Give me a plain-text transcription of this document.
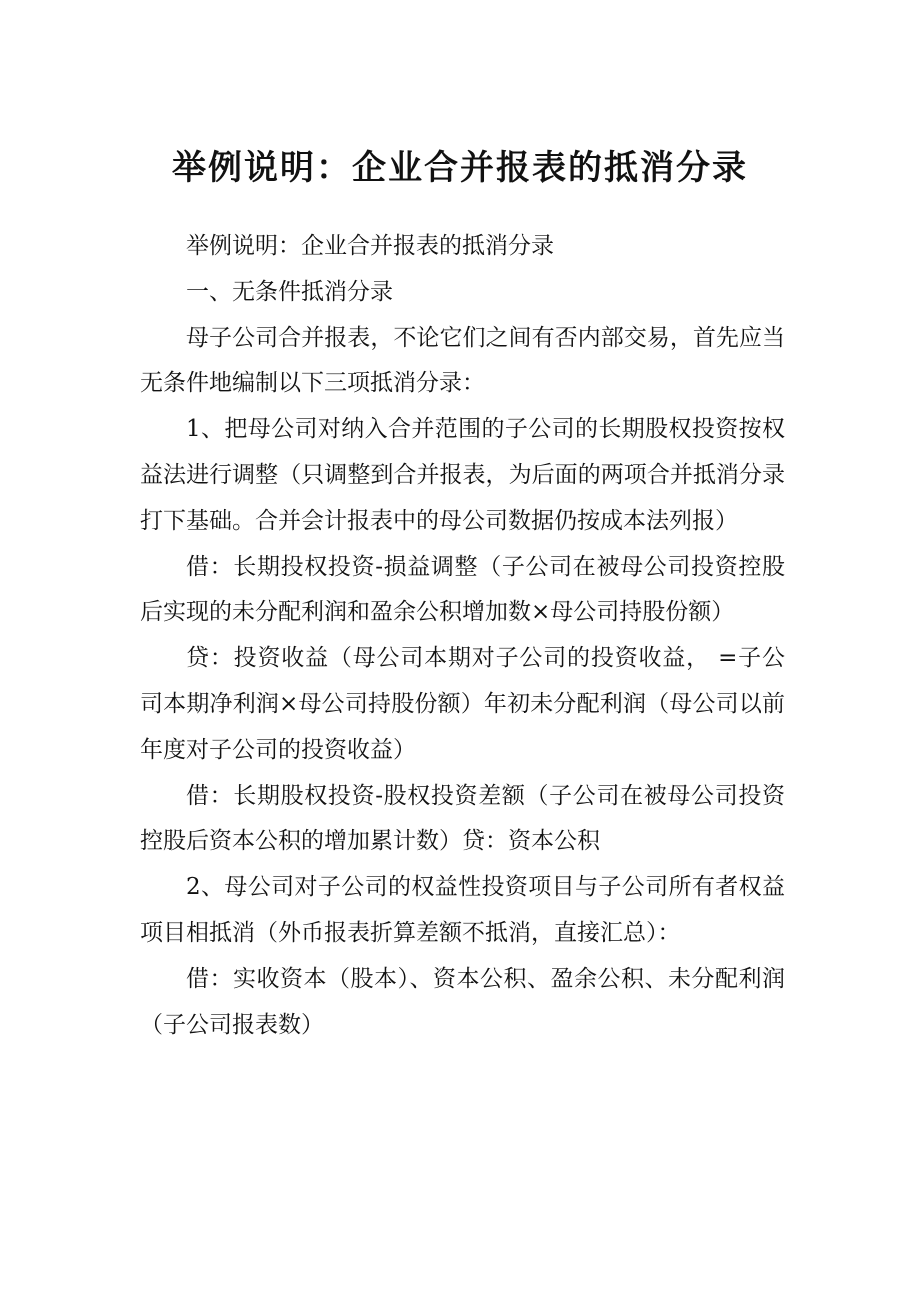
举例说明：企业合并报表的抵消分录

举例说明：企业合并报表的抵消分录

一、无条件抵消分录

母子公司合并报表，不论它们之间有否内部交易，首先应当无条件地编制以下三项抵消分录：

1、把母公司对纳入合并范围的子公司的长期股权投资按权益法进行调整（只调整到合并报表，为后面的两项合并抵消分录打下基础。合并会计报表中的母公司数据仍按成本法列报）

借：长期投权投资-损益调整（子公司在被母公司投资控股后实现的未分配利润和盈余公积增加数×母公司持股份额）

贷：投资收益（母公司本期对子公司的投资收益， =子公司本期净利润×母公司持股份额）年初未分配利润（母公司以前年度对子公司的投资收益）

借：长期股权投资-股权投资差额（子公司在被母公司投资控股后资本公积的增加累计数）贷：资本公积

2、母公司对子公司的权益性投资项目与子公司所有者权益项目相抵消（外币报表折算差额不抵消，直接汇总）：

借：实收资本（股本）、资本公积、盈余公积、未分配利润（子公司报表数）
